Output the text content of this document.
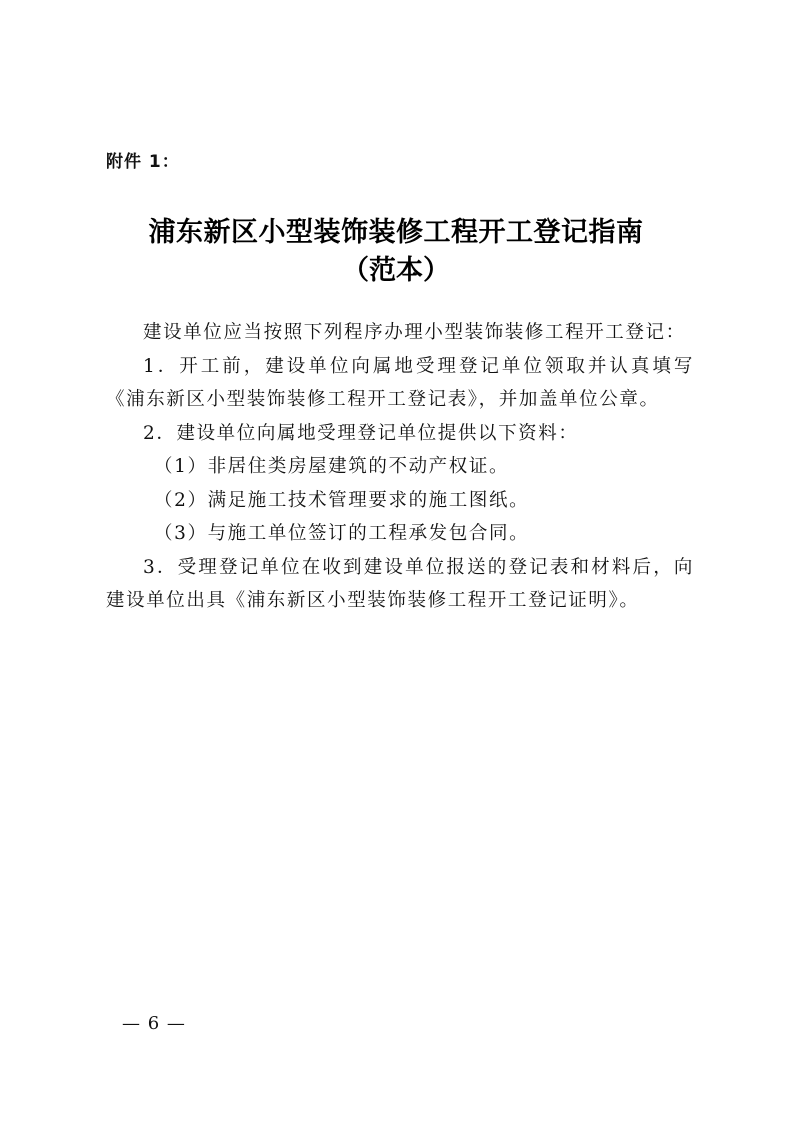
附件 1：
浦东新区小型装饰装修工程开工登记指南
（范本）

建设单位应当按照下列程序办理小型装饰装修工程开工登记：

1．开工前，建设单位向属地受理登记单位领取并认真填写《浦东新区小型装饰装修工程开工登记表》，并加盖单位公章。

2．建设单位向属地受理登记单位提供以下资料：

（1）非居住类房屋建筑的不动产权证。

（2）满足施工技术管理要求的施工图纸。

（3）与施工单位签订的工程承发包合同。

3．受理登记单位在收到建设单位报送的登记表和材料后，向建设单位出具《浦东新区小型装饰装修工程开工登记证明》。

— 6 —
